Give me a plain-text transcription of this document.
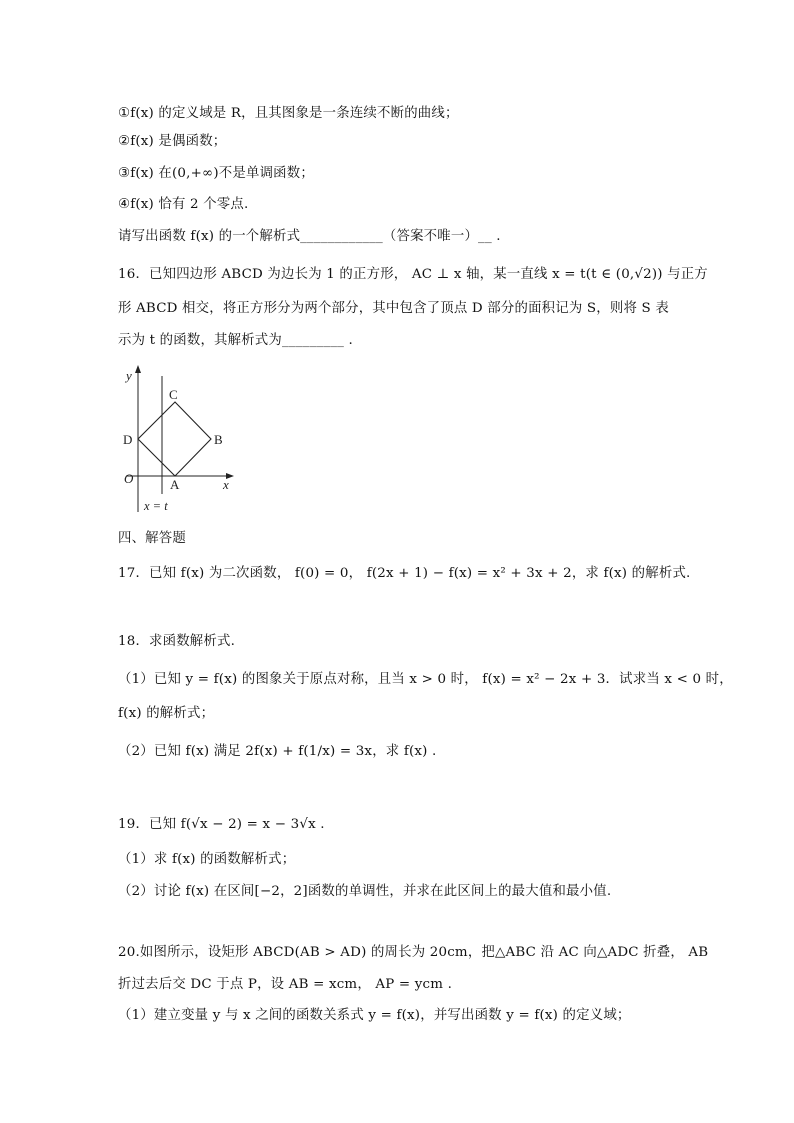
①f(x) 的定义域是 R，且其图象是一条连续不断的曲线；
②f(x) 是偶函数；
③f(x) 在(0,+∞)不是单调函数；
④f(x) 恰有 2 个零点.
请写出函数 f(x) 的一个解析式____________（答案不唯一）__ .
16．已知四边形 ABCD 为边长为 1 的正方形， AC ⊥ x 轴，某一直线 x = t(t ∈ (0,√2)) 与正方
形 ABCD 相交，将正方形分为两个部分，其中包含了顶点 D 部分的面积记为 S，则将 S 表
示为 t 的函数，其解析式为_________ .
y
x
C
D	B
O	A
x = t
四、解答题
17．已知 f(x) 为二次函数， f(0) = 0， f(2x + 1) − f(x) = x² + 3x + 2，求 f(x) 的解析式.
18．求函数解析式.
（1）已知 y = f(x) 的图象关于原点对称，且当 x > 0 时， f(x) = x² − 2x + 3．试求当 x < 0 时，
f(x) 的解析式；
（2）已知 f(x) 满足 2f(x) + f(1/x) = 3x，求 f(x) .
19．已知 f(√x − 2) = x − 3√x .
（1）求 f(x) 的函数解析式；
（2）讨论 f(x) 在区间[−2，2]函数的单调性，并求在此区间上的最大值和最小值.
20.如图所示，设矩形 ABCD(AB > AD) 的周长为 20cm，把△ABC 沿 AC 向△ADC 折叠， AB
折过去后交 DC 于点 P，设 AB = xcm， AP = ycm .
（1）建立变量 y 与 x 之间的函数关系式 y = f(x)，并写出函数 y = f(x) 的定义域；
